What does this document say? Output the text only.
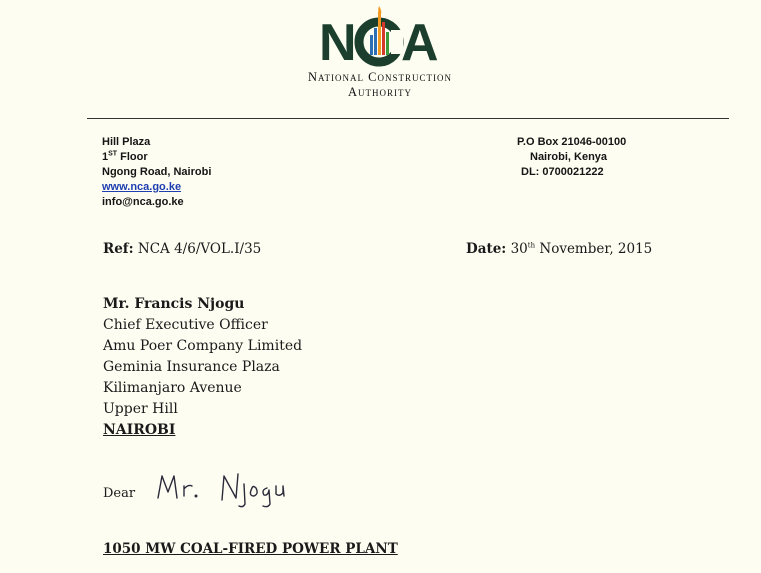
N A
National Construction
Authority
Hill Plaza
1ST Floor
Ngong Road, Nairobi
www.nca.go.ke
info@nca.go.ke
P.O Box 21046-00100
Nairobi, Kenya
DL: 0700021222
Ref: NCA 4/6/VOL.I/35	Date: 30th November, 2015
Mr. Francis Njogu
Chief Executive Officer
Amu Poer Company Limited
Geminia Insurance Plaza
Kilimanjaro Avenue
Upper Hill
NAIROBI
Dear
1050 MW COAL-FIRED POWER PLANT
